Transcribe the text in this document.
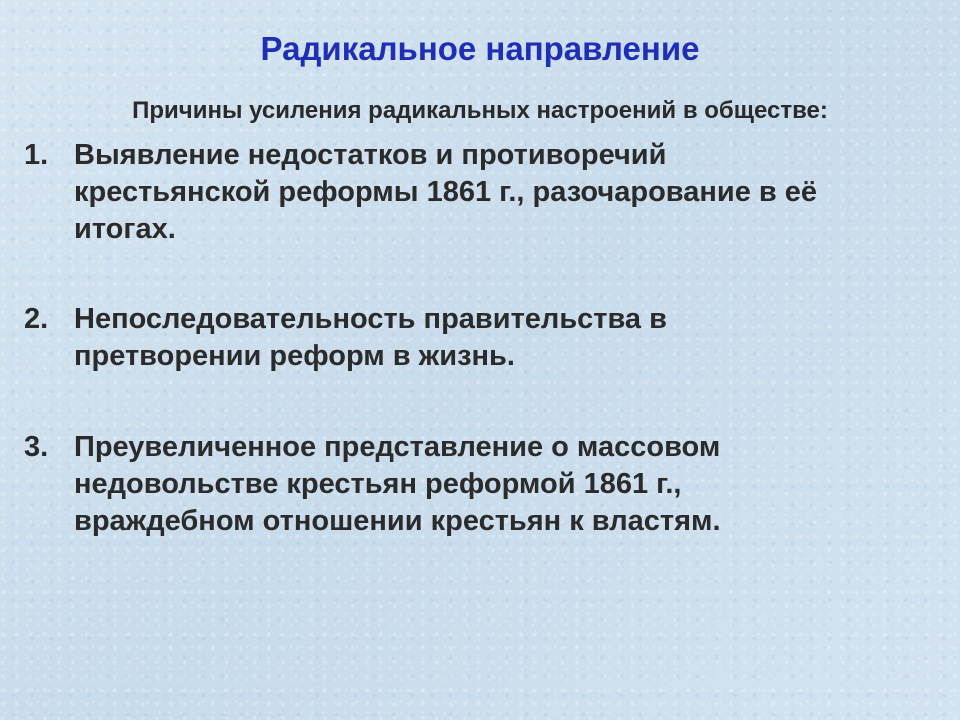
Радикальное направление
Причины усиления радикальных настроений в обществе:
1. Выявление недостатков и противоречий
крестьянской реформы 1861 г., разочарование в её
итогах.
2. Непоследовательность правительства в
претворении реформ в жизнь.
3. Преувеличенное представление о массовом
недовольстве крестьян реформой 1861 г.,
враждебном отношении крестьян к властям.
